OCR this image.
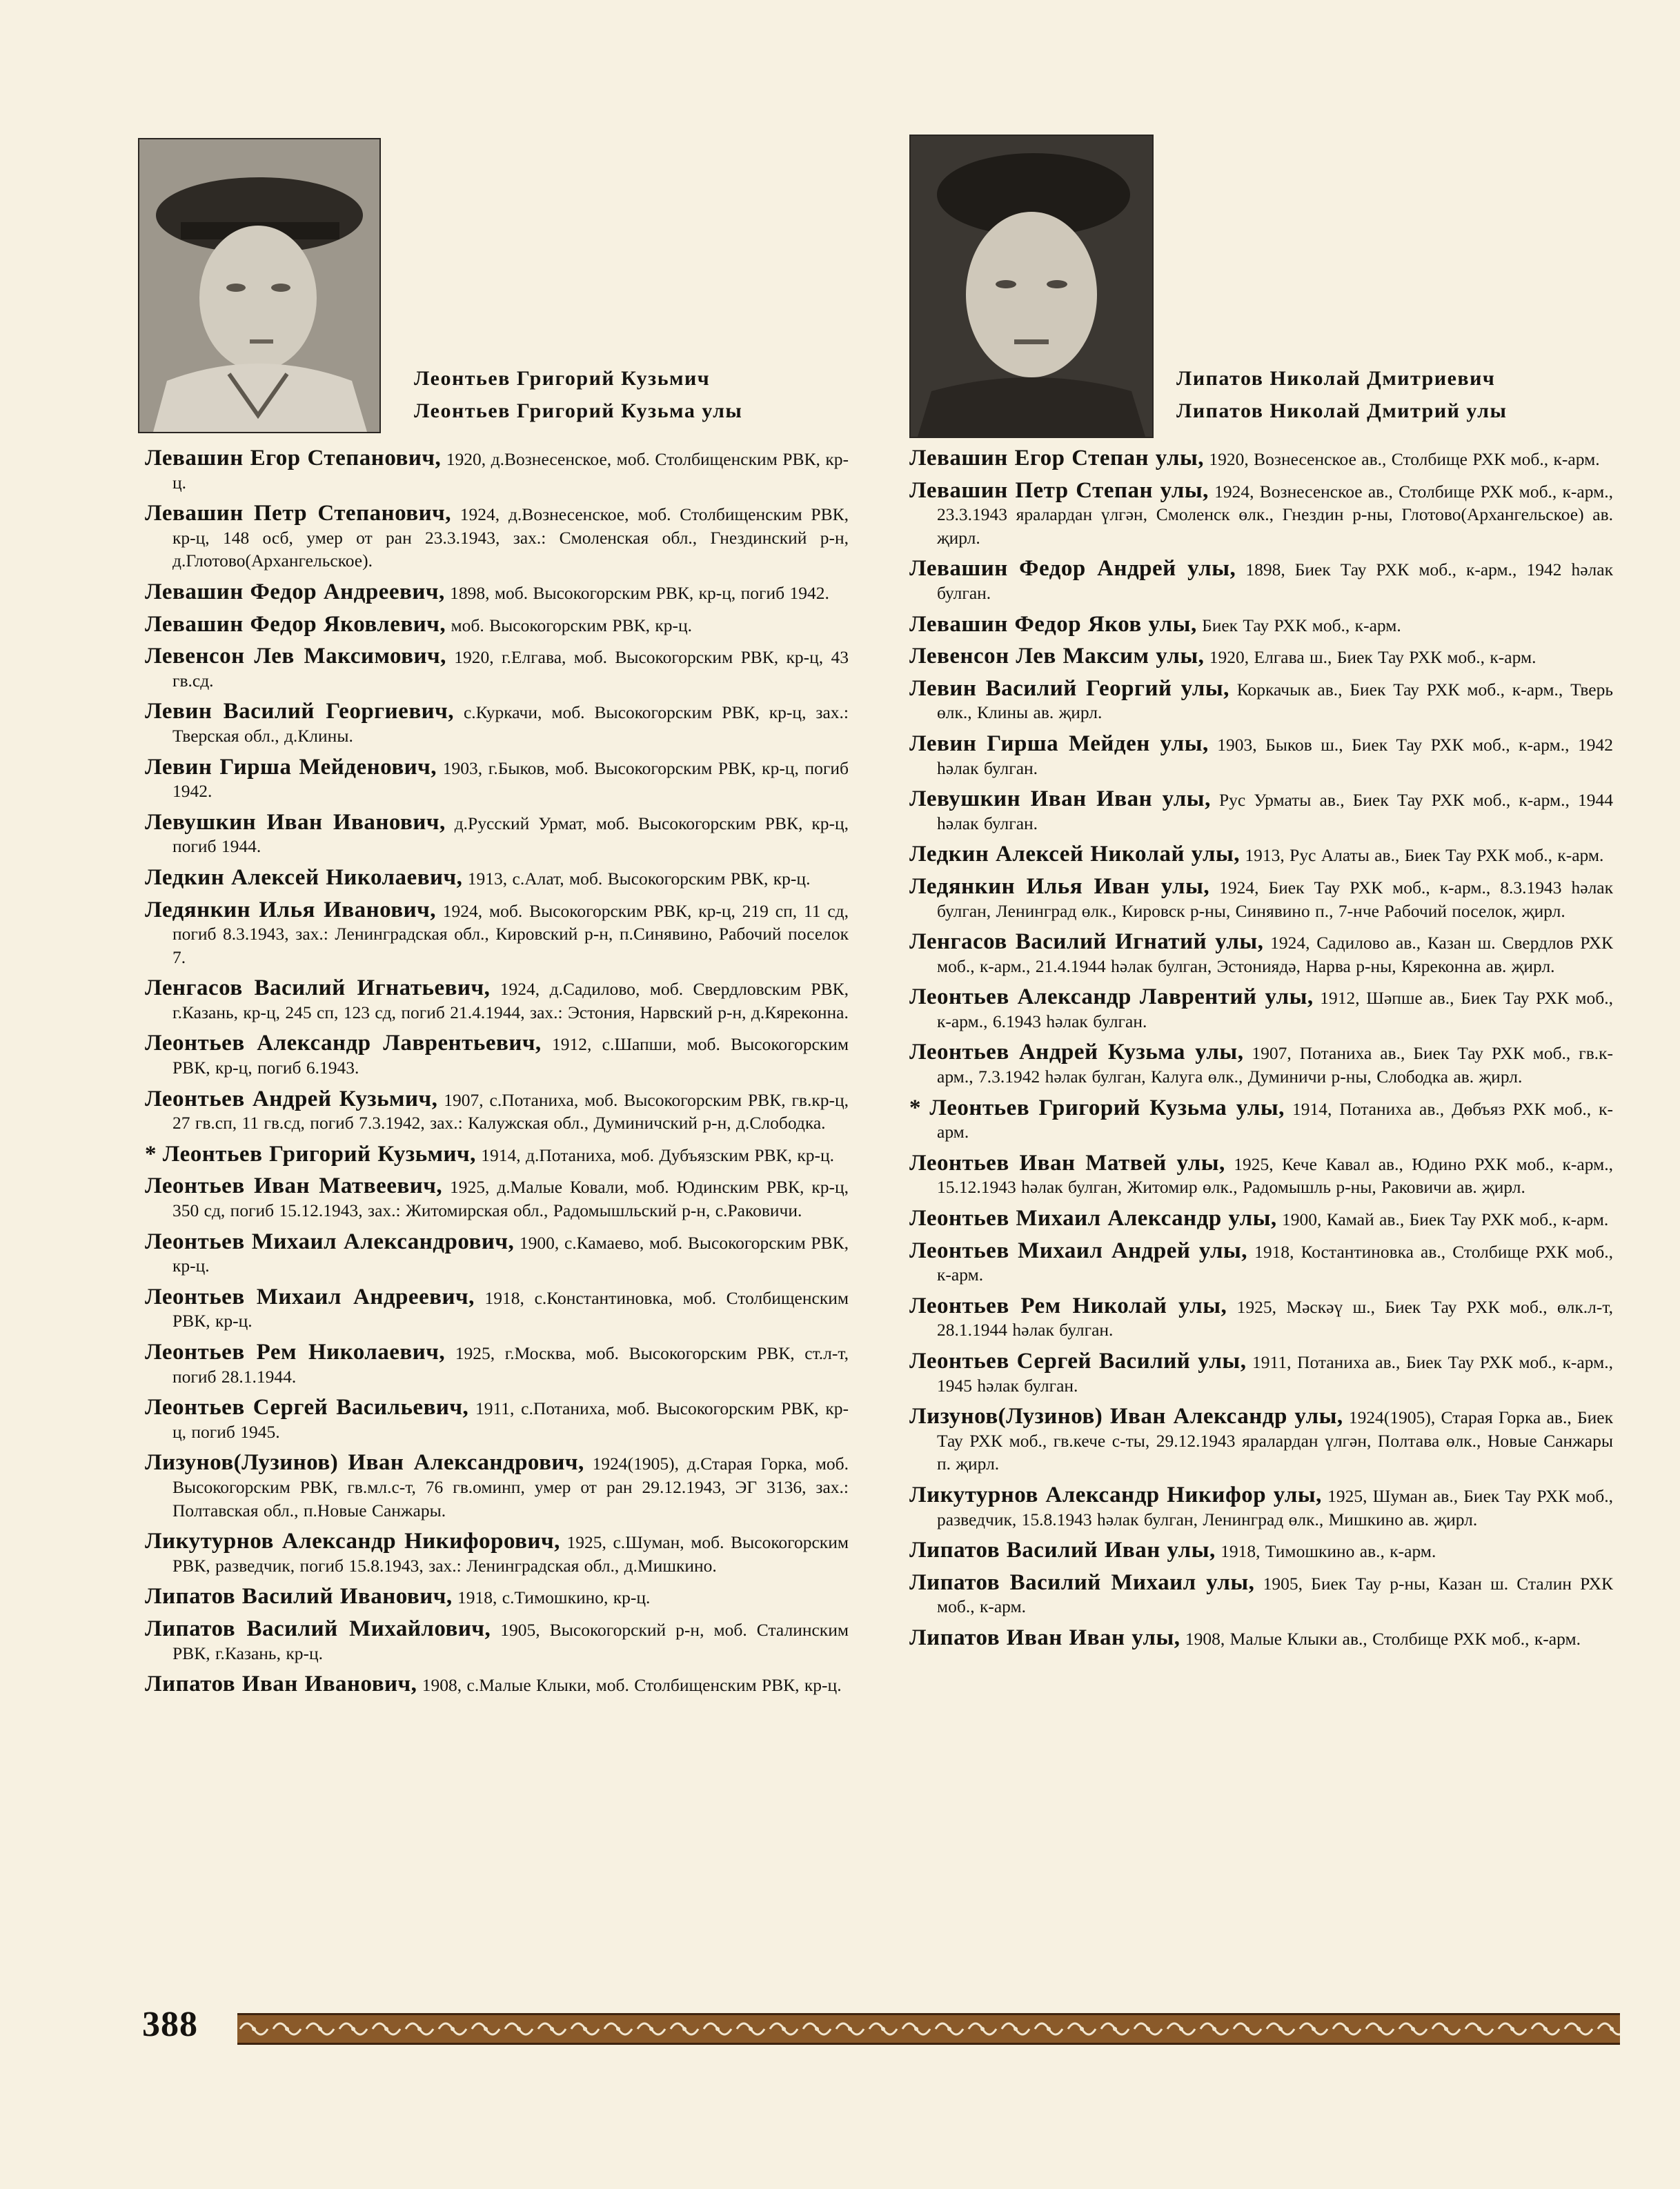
Леонтьев Григорий Кузьмич
Леонтьев Григорий Кузьма улы
Липатов Николай Дмитриевич
Липатов Николай Дмитрий улы
Левашин Егор Степанович, 1920, д.Вознесенское, моб. Столбищенским РВК, кр-ц.
Левашин Петр Степанович, 1924, д.Вознесенское, моб. Столбищенским РВК, кр-ц, 148 осб, умер от ран 23.3.1943, зах.: Смоленская обл., Гнездинский р-н, д.Глотово(Архангельское).
Левашин Федор Андреевич, 1898, моб. Высокогорским РВК, кр-ц, погиб 1942.
Левашин Федор Яковлевич, моб. Высокогорским РВК, кр-ц.
Левенсон Лев Максимович, 1920, г.Елгава, моб. Высокогорским РВК, кр-ц, 43 гв.сд.
Левин Василий Георгиевич, с.Куркачи, моб. Высокогорским РВК, кр-ц, зах.: Тверская обл., д.Клины.
Левин Гирша Мейденович, 1903, г.Быков, моб. Высокогорским РВК, кр-ц, погиб 1942.
Левушкин Иван Иванович, д.Русский Урмат, моб. Высокогорским РВК, кр-ц, погиб 1944.
Ледкин Алексей Николаевич, 1913, с.Алат, моб. Высокогорским РВК, кр-ц.
Ледянкин Илья Иванович, 1924, моб. Высокогорским РВК, кр-ц, 219 сп, 11 сд, погиб 8.3.1943, зах.: Ленинградская обл., Кировский р-н, п.Синявино, Рабочий поселок 7.
Ленгасов Василий Игнатьевич, 1924, д.Садилово, моб. Свердловским РВК, г.Казань, кр-ц, 245 сп, 123 сд, погиб 21.4.1944, зах.: Эстония, Нарвский р-н, д.Кяреконна.
Леонтьев Александр Лаврентьевич, 1912, с.Шапши, моб. Высокогорским РВК, кр-ц, погиб 6.1943.
Леонтьев Андрей Кузьмич, 1907, с.Потаниха, моб. Высокогорским РВК, гв.кр-ц, 27 гв.сп, 11 гв.сд, погиб 7.3.1942, зах.: Калужская обл., Думиничский р-н, д.Слободка.
* Леонтьев Григорий Кузьмич, 1914, д.Потаниха, моб. Дубъязским РВК, кр-ц.
Леонтьев Иван Матвеевич, 1925, д.Малые Ковали, моб. Юдинским РВК, кр-ц, 350 сд, погиб 15.12.1943, зах.: Житомирская обл., Радомышльский р-н, с.Раковичи.
Леонтьев Михаил Александрович, 1900, с.Камаево, моб. Высокогорским РВК, кр-ц.
Леонтьев Михаил Андреевич, 1918, с.Константиновка, моб. Столбищенским РВК, кр-ц.
Леонтьев Рем Николаевич, 1925, г.Москва, моб. Высокогорским РВК, ст.л-т, погиб 28.1.1944.
Леонтьев Сергей Васильевич, 1911, с.Потаниха, моб. Высокогорским РВК, кр-ц, погиб 1945.
Лизунов(Лузинов) Иван Александрович, 1924(1905), д.Старая Горка, моб. Высокогорским РВК, гв.мл.с-т, 76 гв.оминп, умер от ран 29.12.1943, ЭГ 3136, зах.: Полтавская обл., п.Новые Санжары.
Ликутурнов Александр Никифорович, 1925, с.Шуман, моб. Высокогорским РВК, разведчик, погиб 15.8.1943, зах.: Ленинградская обл., д.Мишкино.
Липатов Василий Иванович, 1918, с.Тимошкино, кр-ц.
Липатов Василий Михайлович, 1905, Высокогорский р-н, моб. Сталинским РВК, г.Казань, кр-ц.
Липатов Иван Иванович, 1908, с.Малые Клыки, моб. Столбищенским РВК, кр-ц.
Левашин Егор Степан улы, 1920, Вознесенское ав., Столбище РХК моб., к-арм.
Левашин Петр Степан улы, 1924, Вознесенское ав., Столбище РХК моб., к-арм., 23.3.1943 яралардан үлгән, Смоленск өлк., Гнездин р-ны, Глотово(Архангельское) ав. җирл.
Левашин Федор Андрей улы, 1898, Биек Тау РХК моб., к-арм., 1942 һәлак булган.
Левашин Федор Яков улы, Биек Тау РХК моб., к-арм.
Левенсон Лев Максим улы, 1920, Елгава ш., Биек Тау РХК моб., к-арм.
Левин Василий Георгий улы, Коркачык ав., Биек Тау РХК моб., к-арм., Тверь өлк., Клины ав. җирл.
Левин Гирша Мейден улы, 1903, Быков ш., Биек Тау РХК моб., к-арм., 1942 һәлак булган.
Левушкин Иван Иван улы, Рус Урматы ав., Биек Тау РХК моб., к-арм., 1944 һәлак булган.
Ледкин Алексей Николай улы, 1913, Рус Алаты ав., Биек Тау РХК моб., к-арм.
Ледянкин Илья Иван улы, 1924, Биек Тау РХК моб., к-арм., 8.3.1943 һәлак булган, Ленинград өлк., Кировск р-ны, Синявино п., 7-нче Рабочий поселок, җирл.
Ленгасов Василий Игнатий улы, 1924, Садилово ав., Казан ш. Свердлов РХК моб., к-арм., 21.4.1944 һәлак булган, Эстониядә, Нарва р-ны, Кяреконна ав. җирл.
Леонтьев Александр Лаврентий улы, 1912, Шәпше ав., Биек Тау РХК моб., к-арм., 6.1943 һәлак булган.
Леонтьев Андрей Кузьма улы, 1907, Потаниха ав., Биек Тау РХК моб., гв.к-арм., 7.3.1942 һәлак булган, Калуга өлк., Думиничи р-ны, Слободка ав. җирл.
* Леонтьев Григорий Кузьма улы, 1914, Потаниха ав., Дөбъяз РХК моб., к-арм.
Леонтьев Иван Матвей улы, 1925, Кече Кавал ав., Юдино РХК моб., к-арм., 15.12.1943 һәлак булган, Житомир өлк., Радомышль р-ны, Раковичи ав. җирл.
Леонтьев Михаил Александр улы, 1900, Камай ав., Биек Тау РХК моб., к-арм.
Леонтьев Михаил Андрей улы, 1918, Костантиновка ав., Столбище РХК моб., к-арм.
Леонтьев Рем Николай улы, 1925, Мәскәү ш., Биек Тау РХК моб., өлк.л-т, 28.1.1944 һәлак булган.
Леонтьев Сергей Василий улы, 1911, Потаниха ав., Биек Тау РХК моб., к-арм., 1945 һәлак булган.
Лизунов(Лузинов) Иван Александр улы, 1924(1905), Старая Горка ав., Биек Тау РХК моб., гв.кече с-ты, 29.12.1943 яралардан үлгән, Полтава өлк., Новые Санжары п. җирл.
Ликутурнов Александр Никифор улы, 1925, Шуман ав., Биек Тау РХК моб., разведчик, 15.8.1943 һәлак булган, Ленинград өлк., Мишкино ав. җирл.
Липатов Василий Иван улы, 1918, Тимошкино ав., к-арм.
Липатов Василий Михаил улы, 1905, Биек Тау р-ны, Казан ш. Сталин РХК моб., к-арм.
Липатов Иван Иван улы, 1908, Малые Клыки ав., Столбище РХК моб., к-арм.
388
